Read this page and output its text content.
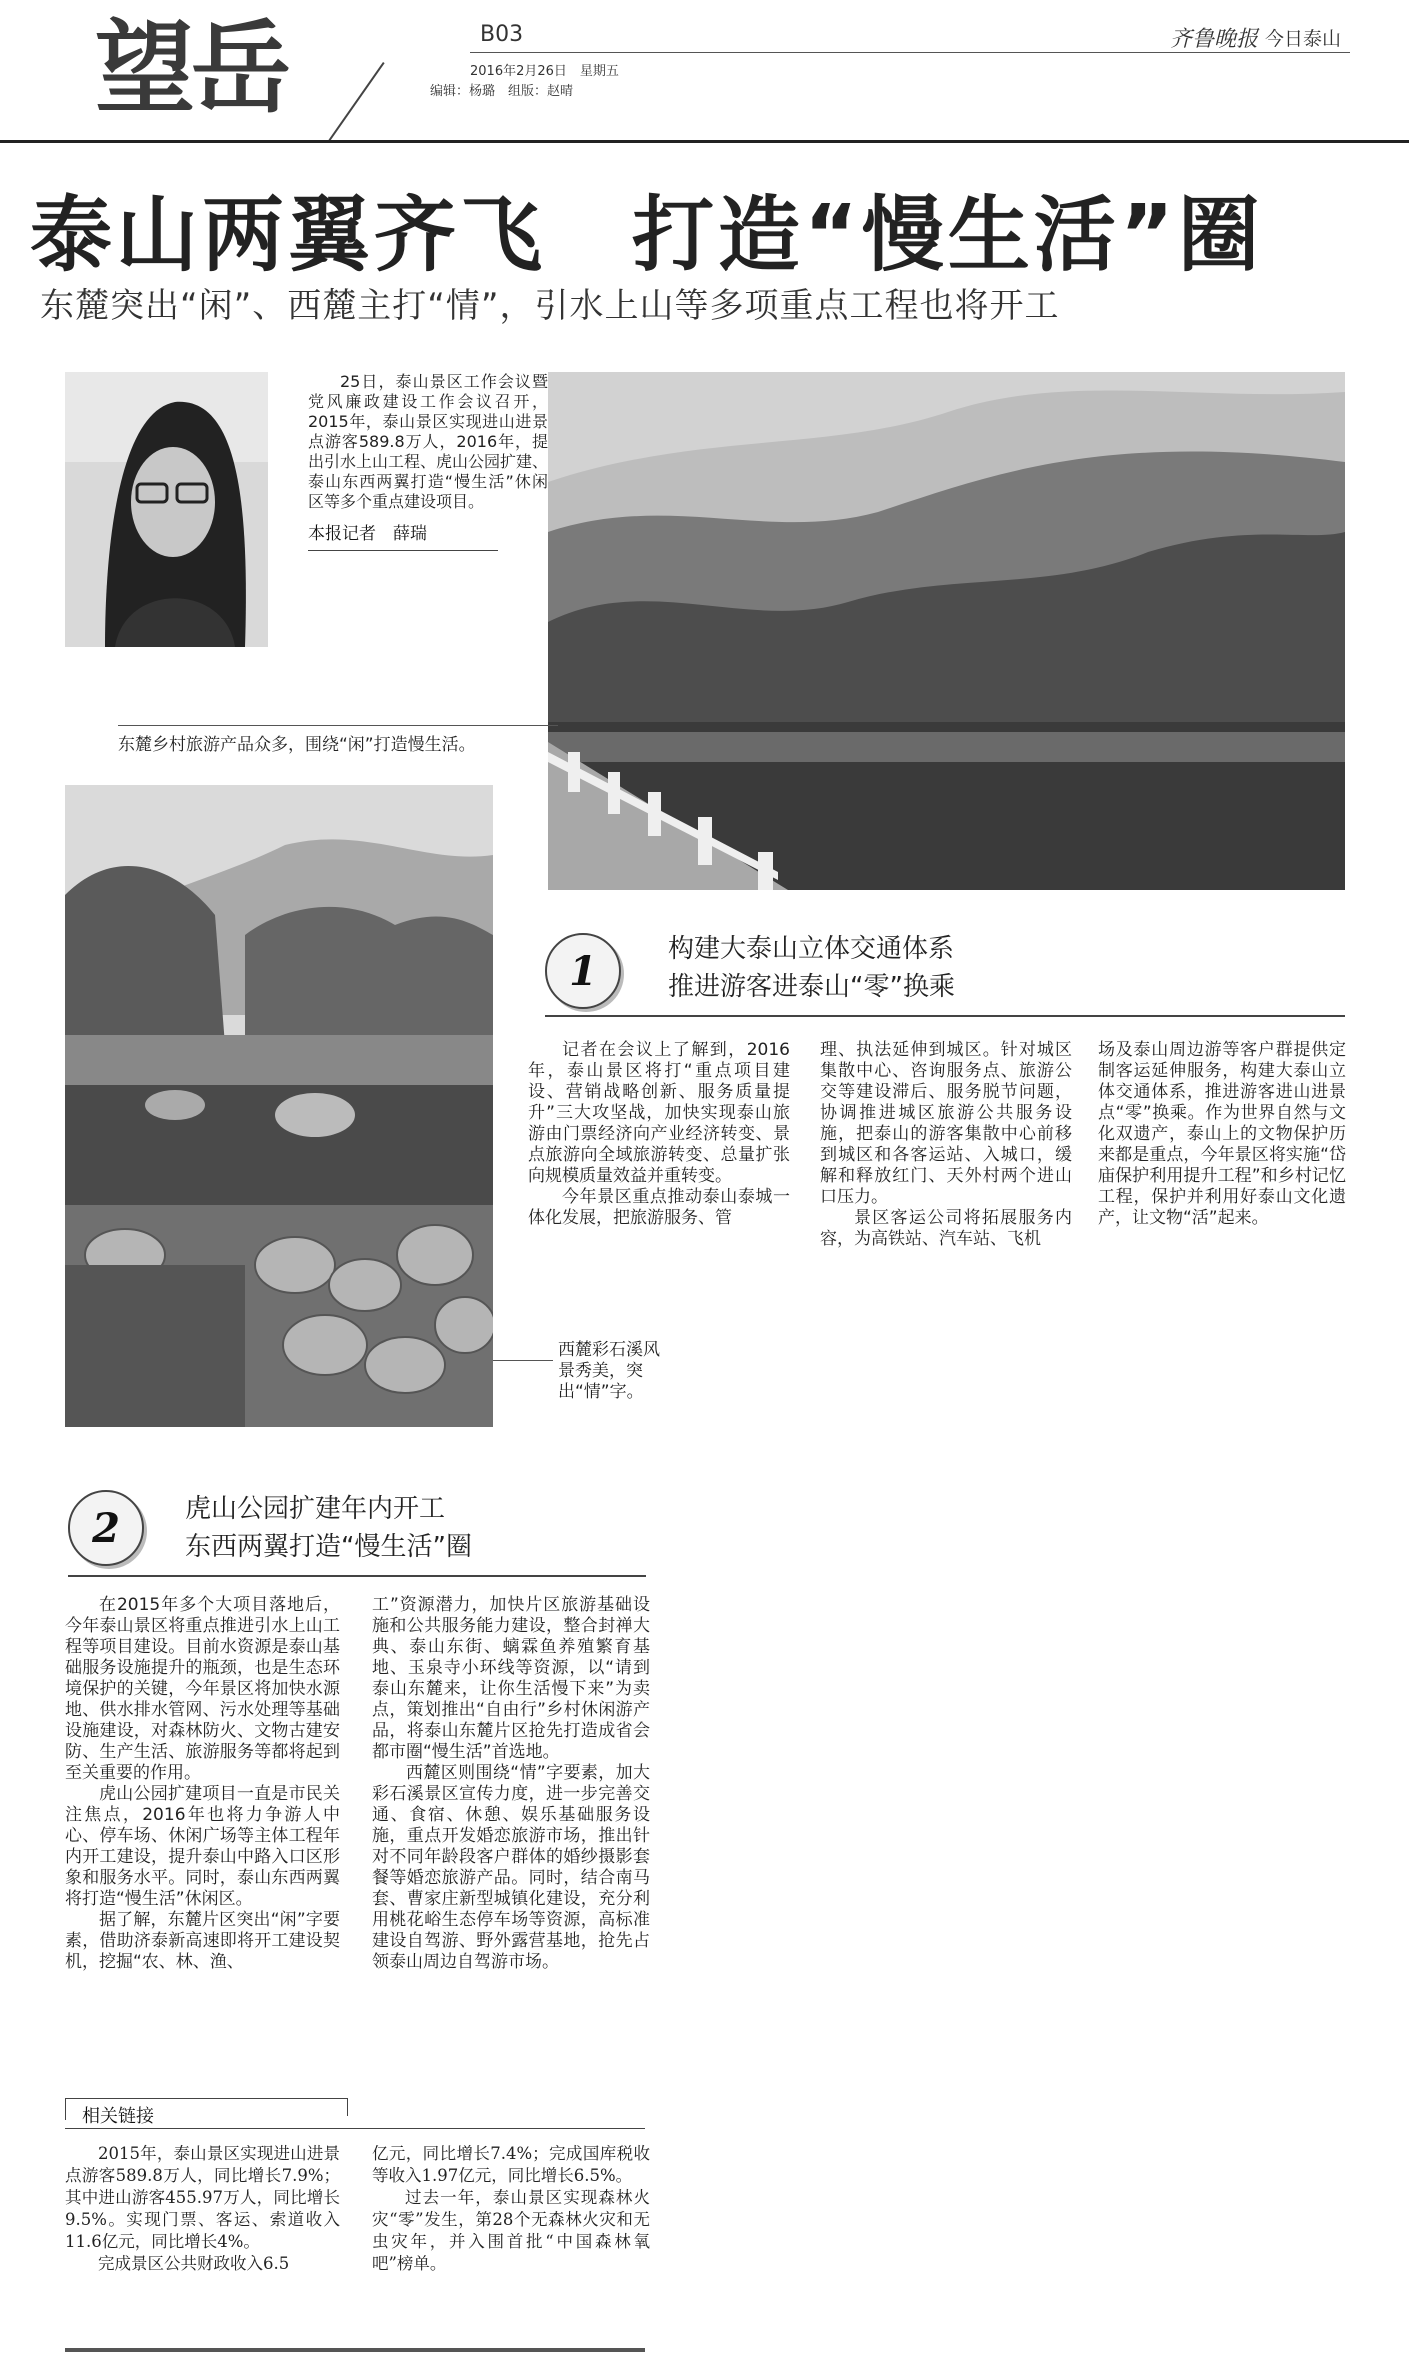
望岳	B03
2016年2月26日　星期五
编辑：杨璐　组版：赵晴
齐鲁晚报 今日泰山
泰山两翼齐飞　打造“慢生活”圈
东麓突出“闲”、西麓主打“情”，引水上山等多项重点工程也将开工

25日，泰山景区工作会议暨党风廉政建设工作会议召开，2015年，泰山景区实现进山进景点游客589.8万人，2016年，提出引水上山工程、虎山公园扩建、泰山东西两翼打造“慢生活”休闲区等多个重点建设项目。

本报记者　薛瑞
东麓乡村旅游产品众多，围绕“闲”打造慢生活。
西麓彩石溪风景秀美，突出“情”字。
1	构建大泰山立体交通体系
推进游客进泰山“零”换乘

记者在会议上了解到，2016年，泰山景区将打“重点项目建设、营销战略创新、服务质量提升”三大攻坚战，加快实现泰山旅游由门票经济向产业经济转变、景点旅游向全域旅游转变、总量扩张向规模质量效益并重转变。

今年景区重点推动泰山泰城一体化发展，把旅游服务、管

理、执法延伸到城区。针对城区集散中心、咨询服务点、旅游公交等建设滞后、服务脱节问题，协调推进城区旅游公共服务设施，把泰山的游客集散中心前移到城区和各客运站、入城口，缓解和释放红门、天外村两个进山口压力。

景区客运公司将拓展服务内容，为高铁站、汽车站、飞机

场及泰山周边游等客户群提供定制客运延伸服务，构建大泰山立体交通体系，推进游客进山进景点“零”换乘。作为世界自然与文化双遗产，泰山上的文物保护历来都是重点，今年景区将实施“岱庙保护利用提升工程”和乡村记忆工程，保护并利用好泰山文化遗产，让文物“活”起来。

2	虎山公园扩建年内开工
东西两翼打造“慢生活”圈

在2015年多个大项目落地后，今年泰山景区将重点推进引水上山工程等项目建设。目前水资源是泰山基础服务设施提升的瓶颈，也是生态环境保护的关键，今年景区将加快水源地、供水排水管网、污水处理等基础设施建设，对森林防火、文物古建安防、生产生活、旅游服务等都将起到至关重要的作用。

虎山公园扩建项目一直是市民关注焦点，2016年也将力争游人中心、停车场、休闲广场等主体工程年内开工建设，提升泰山中路入口区形象和服务水平。同时，泰山东西两翼将打造“慢生活”休闲区。

据了解，东麓片区突出“闲”字要素，借助济泰新高速即将开工建设契机，挖掘“农、林、渔、

工”资源潜力，加快片区旅游基础设施和公共服务能力建设，整合封禅大典、泰山东街、螭霖鱼养殖繁育基地、玉泉寺小环线等资源，以“请到泰山东麓来，让你生活慢下来”为卖点，策划推出“自由行”乡村休闲游产品，将泰山东麓片区抢先打造成省会都市圈“慢生活”首选地。

西麓区则围绕“情”字要素，加大彩石溪景区宣传力度，进一步完善交通、食宿、休憩、娱乐基础服务设施，重点开发婚恋旅游市场，推出针对不同年龄段客户群体的婚纱摄影套餐等婚恋旅游产品。同时，结合南马套、曹家庄新型城镇化建设，充分利用桃花峪生态停车场等资源，高标准建设自驾游、野外露营基地，抢先占领泰山周边自驾游市场。

相关链接

2015年，泰山景区实现进山进景点游客589.8万人，同比增长7.9%；其中进山游客455.97万人，同比增长9.5%。实现门票、客运、索道收入11.6亿元，同比增长4%。

完成景区公共财政收入6.5

亿元，同比增长7.4%；完成国库税收等收入1.97亿元，同比增长6.5%。

过去一年，泰山景区实现森林火灾“零”发生，第28个无森林火灾和无虫灾年，并入围首批“中国森林氧吧”榜单。
